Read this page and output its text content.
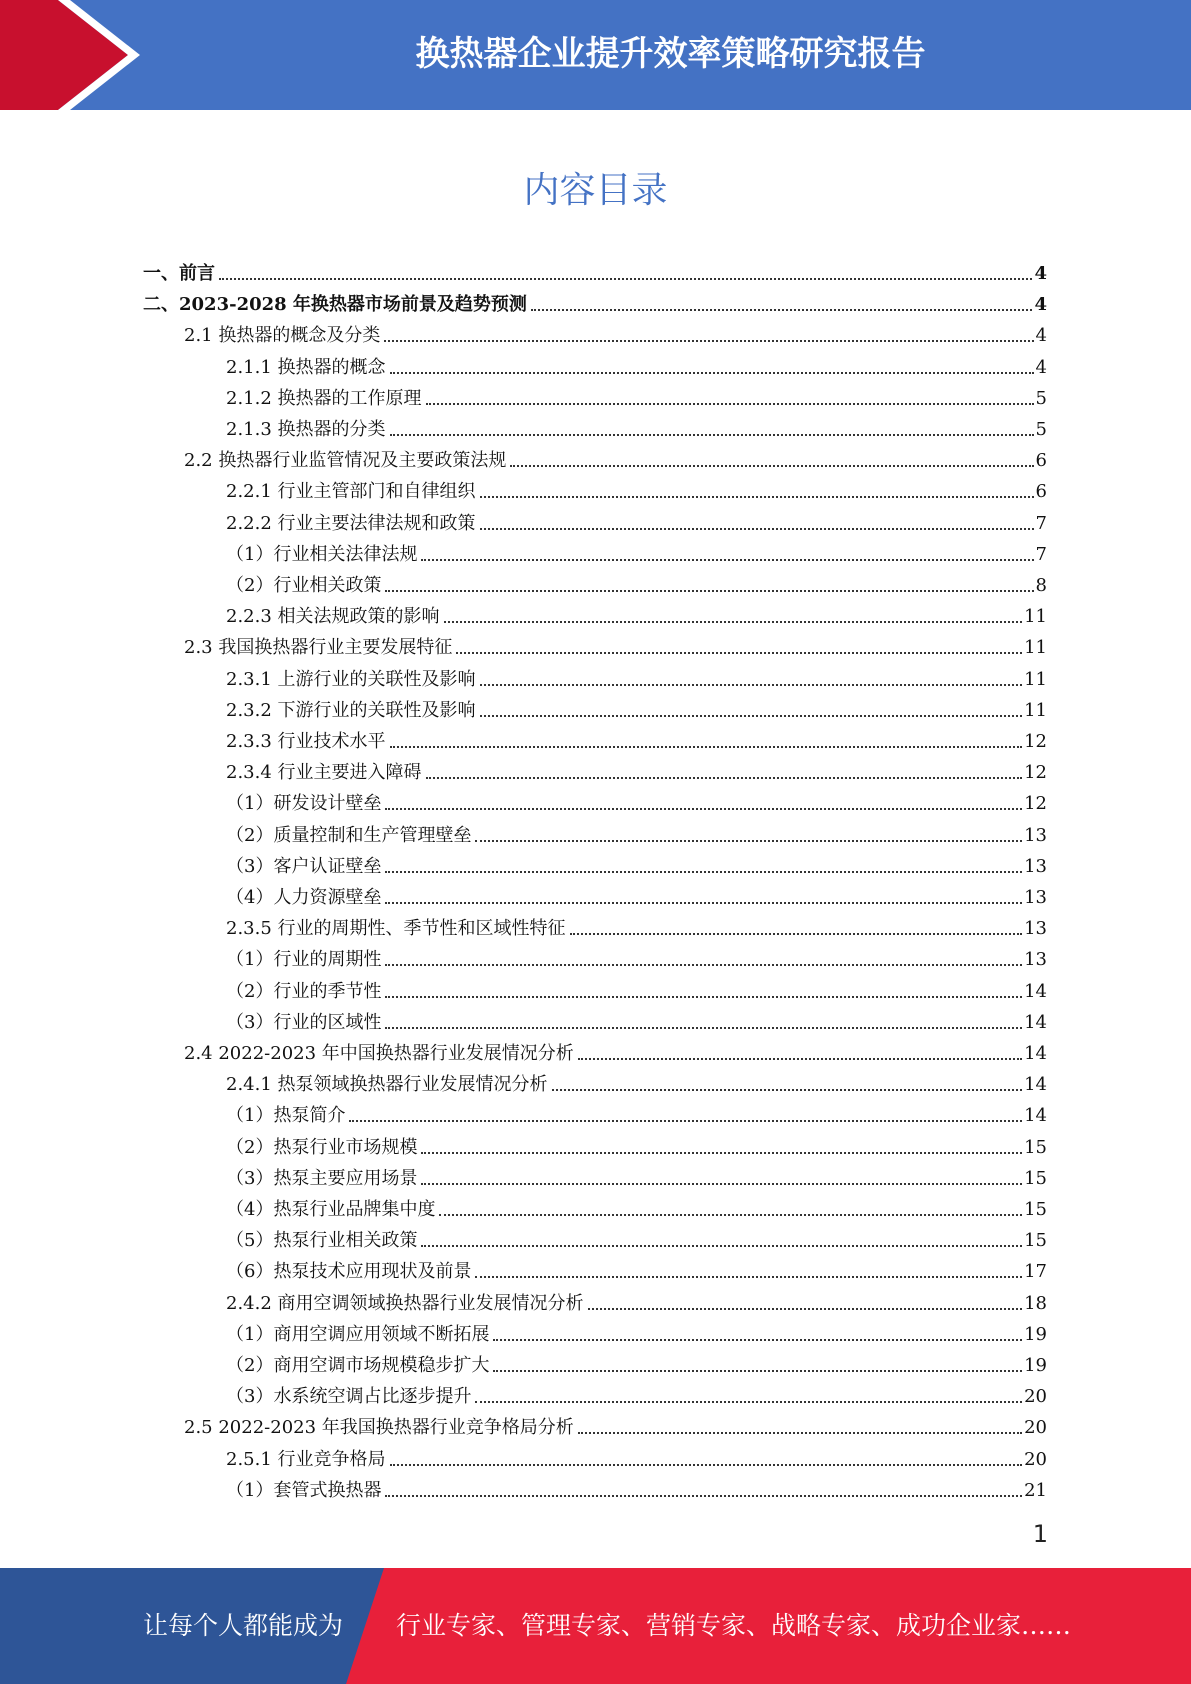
换热器企业提升效率策略研究报告
内容目录
一、前言	4
二、2023-2028 年换热器市场前景及趋势预测	4
2.1 换热器的概念及分类	4
2.1.1 换热器的概念	4
2.1.2 换热器的工作原理	5
2.1.3 换热器的分类	5
2.2 换热器行业监管情况及主要政策法规	6
2.2.1 行业主管部门和自律组织	6
2.2.2 行业主要法律法规和政策	7
（1）行业相关法律法规	7
（2）行业相关政策	8
2.2.3 相关法规政策的影响	11
2.3 我国换热器行业主要发展特征	11
2.3.1 上游行业的关联性及影响	11
2.3.2 下游行业的关联性及影响	11
2.3.3 行业技术水平	12
2.3.4 行业主要进入障碍	12
（1）研发设计壁垒	12
（2）质量控制和生产管理壁垒	13
（3）客户认证壁垒	13
（4）人力资源壁垒	13
2.3.5 行业的周期性、季节性和区域性特征	13
（1）行业的周期性	13
（2）行业的季节性	14
（3）行业的区域性	14
2.4 2022-2023 年中国换热器行业发展情况分析	14
2.4.1 热泵领域换热器行业发展情况分析	14
（1）热泵简介	14
（2）热泵行业市场规模	15
（3）热泵主要应用场景	15
（4）热泵行业品牌集中度	15
（5）热泵行业相关政策	15
（6）热泵技术应用现状及前景	17
2.4.2 商用空调领域换热器行业发展情况分析	18
（1）商用空调应用领域不断拓展	19
（2）商用空调市场规模稳步扩大	19
（3）水系统空调占比逐步提升	20
2.5 2022-2023 年我国换热器行业竞争格局分析	20
2.5.1 行业竞争格局	20
（1）套管式换热器	21
1
让每个人都能成为 行业专家、管理专家、营销专家、战略专家、成功企业家……
